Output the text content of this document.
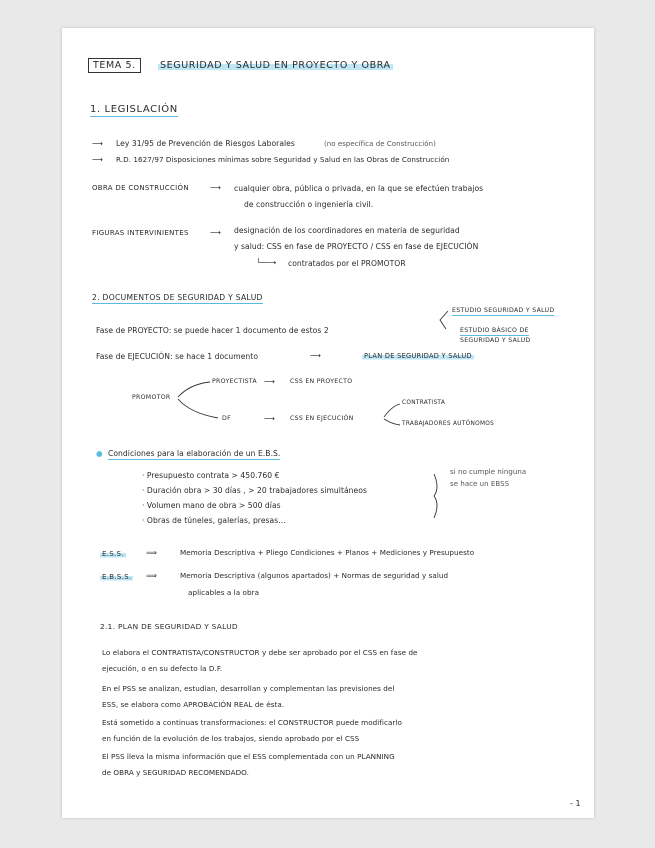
TEMA 5.	SEGURIDAD Y SALUD EN PROYECTO Y OBRA
1. LEGISLACIÓN
⟶ Ley 31/95 de Prevención de Riesgos Laborales	(no específica de Construcción)
⟶ R.D. 1627/97 Disposiciones mínimas sobre Seguridad y Salud en las Obras de Construcción
OBRA DE CONSTRUCCIÓN	⟶ cualquier obra, pública o privada, en la que se efectúen trabajos
de construcción o ingeniería civil.
FIGURAS INTERVINIENTES	⟶ designación de los coordinadores en materia de seguridad
y salud: CSS en fase de PROYECTO / CSS en fase de EJECUCIÓN
└──→ contratados por el PROMOTOR
2. DOCUMENTOS DE SEGURIDAD Y SALUD
Fase de PROYECTO: se puede hacer 1 documento de estos 2
ESTUDIO SEGURIDAD Y SALUD
ESTUDIO BÁSICO DE
SEGURIDAD Y SALUD
Fase de EJECUCIÓN: se hace 1 documento	⟶	PLAN DE SEGURIDAD Y SALUD
PROMOTOR
PROYECTISTA ⟶ CSS EN PROYECTO
DF	⟶ CSS EN EJECUCIÓN
CONTRATISTA
TRABAJADORES AUTÓNOMOS
● Condiciones para la elaboración de un E.B.S.
· Presupuesto contrata > 450.760 €
· Duración obra > 30 días , > 20 trabajadores simultáneos
· Volumen mano de obra > 500 días
· Obras de túneles, galerías, presas...
si no cumple ninguna
se hace un EBSS
E.S.S.	⟹	Memoria Descriptiva + Pliego Condiciones + Planos + Mediciones y Presupuesto
E.B.S.S. ⟹	Memoria Descriptiva (algunos apartados) + Normas de seguridad y salud
aplicables a la obra
2.1. PLAN DE SEGURIDAD Y SALUD
Lo elabora el CONTRATISTA/CONSTRUCTOR y debe ser aprobado por el CSS en fase de
ejecución, o en su defecto la D.F.
En el PSS se analizan, estudian, desarrollan y complementan las previsiones del
ESS, se elabora como APROBACIÓN REAL de ésta.
Está sometido a continuas transformaciones: el CONSTRUCTOR puede modificarlo
en función de la evolución de los trabajos, siendo aprobado por el CSS
El PSS lleva la misma información que el ESS complementada con un PLANNING
de OBRA y SEGURIDAD RECOMENDADO.
- 1
